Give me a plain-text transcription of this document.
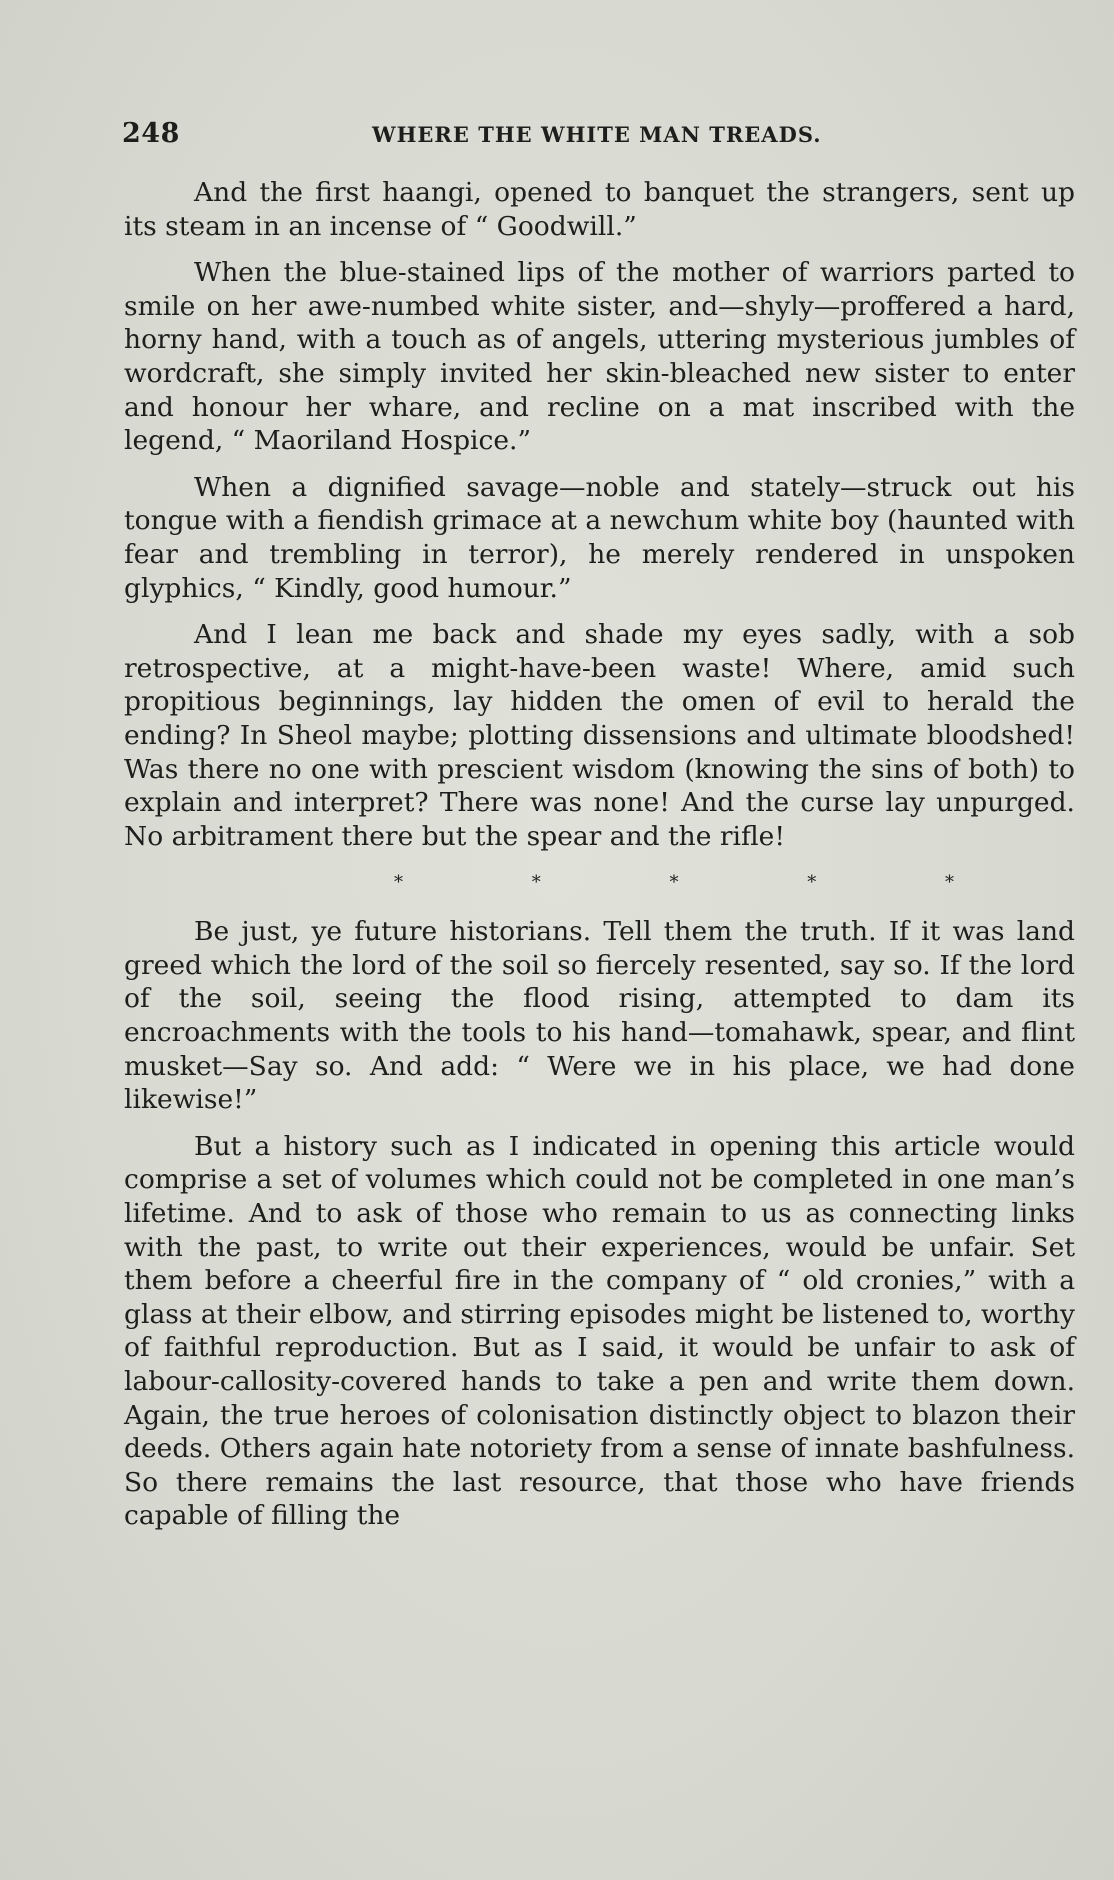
248	WHERE THE WHITE MAN TREADS.

And the first haangi, opened to banquet the strangers, sent up its steam in an incense of “ Goodwill.”

When the blue-stained lips of the mother of warriors parted to smile on her awe-numbed white sister, and—shyly—proffered a hard, horny hand, with a touch as of angels, uttering mysterious jumbles of wordcraft, she simply invited her skin-bleached new sister to enter and honour her whare, and recline on a mat inscribed with the legend, “ Maoriland Hospice.”

When a dignified savage—noble and stately—struck out his tongue with a fiendish grimace at a newchum white boy (haunted with fear and trembling in terror), he merely rendered in unspoken glyphics, “ Kindly, good humour.”

And I lean me back and shade my eyes sadly, with a sob retrospective, at a might-have-been waste! Where, amid such propitious beginnings, lay hidden the omen of evil to herald the ending? In Sheol maybe; plotting dissensions and ultimate bloodshed! Was there no one with prescient wisdom (knowing the sins of both) to explain and interpret? There was none! And the curse lay unpurged. No arbitrament there but the spear and the rifle!

*	*	*	*	*

Be just, ye future historians. Tell them the truth. If it was land greed which the lord of the soil so fiercely resented, say so. If the lord of the soil, seeing the flood rising, attempted to dam its encroachments with the tools to his hand—tomahawk, spear, and flint musket—Say so. And add: “ Were we in his place, we had done likewise!”

But a history such as I indicated in opening this article would comprise a set of volumes which could not be completed in one man’s lifetime. And to ask of those who remain to us as connecting links with the past, to write out their experiences, would be unfair. Set them before a cheerful fire in the company of “ old cronies,” with a glass at their elbow, and stirring episodes might be listened to, worthy of faithful reproduction. But as I said, it would be unfair to ask of labour-callosity-covered hands to take a pen and write them down. Again, the true heroes of colonisation distinctly object to blazon their deeds. Others again hate notoriety from a sense of innate bashfulness. So there remains the last resource, that those who have friends capable of filling the
